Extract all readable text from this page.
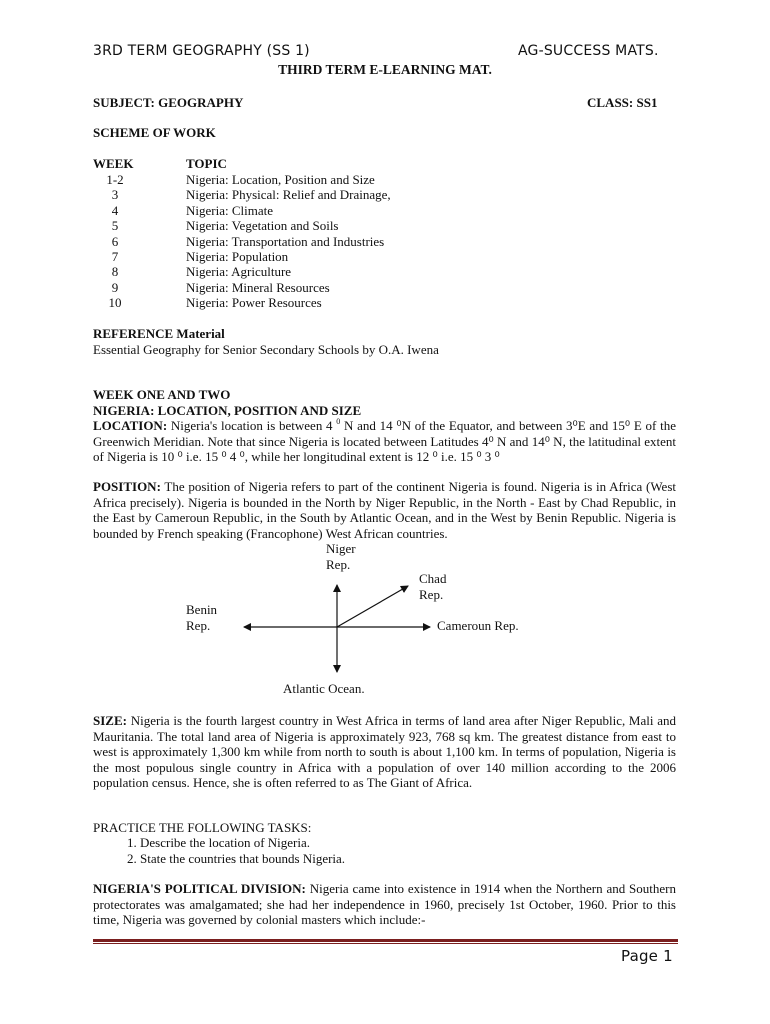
3RD TERM GEOGRAPHY (SS 1)	AG-SUCCESS MATS.
THIRD TERM E-LEARNING MAT.
SUBJECT: GEOGRAPHY	CLASS: SS1
SCHEME OF WORK
WEEK	TOPIC
1-2	Nigeria: Location, Position and Size
3	Nigeria: Physical: Relief and Drainage,
4	Nigeria: Climate
5	Nigeria: Vegetation and Soils
6	Nigeria: Transportation and Industries
7	Nigeria: Population
8	Nigeria: Agriculture
9	Nigeria: Mineral Resources
10	Nigeria: Power Resources
REFERENCE Material
Essential Geography for Senior Secondary Schools by O.A. Iwena
WEEK ONE AND TWO
NIGERIA: LOCATION, POSITION AND SIZE

LOCATION: Nigeria's location is between 4 $^0$ N and 14 ⁰N of the Equator, and between 3⁰E and 15⁰ E of the Greenwich Meridian. Note that since Nigeria is located between Latitudes 4⁰ N and 14⁰ N, the latitudinal extent of Nigeria is 10 ⁰ i.e. 15 ⁰ 4 ⁰, while her longitudinal extent is 12 ⁰ i.e. 15 ⁰ 3 ⁰

POSITION: The position of Nigeria refers to part of the continent Nigeria is found. Nigeria is in Africa (West Africa precisely). Nigeria is bounded in the North by Niger Republic, in the North - East by Chad Republic, in the East by Cameroun Republic, in the South by Atlantic Ocean, and in the West by Benin Republic. Nigeria is bounded by French speaking (Francophone) West African countries.

Niger
Rep.
Chad
Rep.
Benin
Rep.	Cameroun Rep.
Atlantic Ocean.

SIZE: Nigeria is the fourth largest country in West Africa in terms of land area after Niger Republic, Mali and Mauritania. The total land area of Nigeria is approximately 923, 768 sq km. The greatest distance from east to west is approximately 1,300 km while from north to south is about 1,100 km. In terms of population, Nigeria is the most populous single country in Africa with a population of over 140 million according to the 2006 population census. Hence, she is often referred to as The Giant of Africa.

PRACTICE THE FOLLOWING TASKS:
1. Describe the location of Nigeria.
2. State the countries that bounds Nigeria.

NIGERIA'S POLITICAL DIVISION: Nigeria came into existence in 1914 when the Northern and Southern protectorates was amalgamated; she had her independence in 1960, precisely 1st October, 1960. Prior to this time, Nigeria was governed by colonial masters which include:-

Page 1
